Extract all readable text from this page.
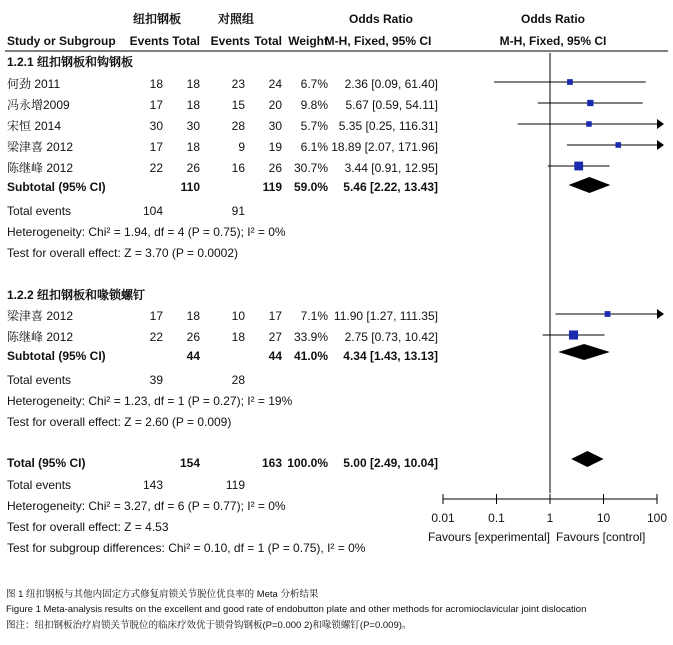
纽扣钢板	对照组	Odds Ratio	Odds Ratio
Study or Subgroup Events Total Events Total Weight
M-H, Fixed, 95% CI	M-H, Fixed, 95% CI
1.2.1 纽扣钢板和钩钢板
何劲 2011	18 18	23 24 6.7% 2.36 [0.09, 61.40]
冯永增2009	17 18	15 20 9.8% 5.67 [0.59, 54.11]
宋恒 2014	30 30	28 30 5.7% 5.35 [0.25, 116.31]
梁津喜 2012	17 18	9 19 6.1% 18.89 [2.07, 171.96]
陈继峰 2012	22 26	16 26 30.7% 3.44 [0.91, 12.95]
Subtotal (95% CI)	110	119 59.0% 5.46 [2.22, 13.43]
Total events	104	91
Heterogeneity: Chi² = 1.94, df = 4 (P = 0.75); I² = 0%
Test for overall effect: Z = 3.70 (P = 0.0002)
1.2.2 纽扣钢板和喙锁螺钉
梁津喜 2012	17 18	10 17 7.1% 11.90 [1.27, 111.35]
陈继峰 2012	22 26	18 27 33.9% 2.75 [0.73, 10.42]
Subtotal (95% CI)	44	44 41.0% 4.34 [1.43, 13.13]
Total events	39	28
Heterogeneity: Chi² = 1.23, df = 1 (P = 0.27); I² = 19%
Test for overall effect: Z = 2.60 (P = 0.009)
Total (95% CI)	154	163 100.0% 5.00 [2.49, 10.04]
Total events	143	119
Heterogeneity: Chi² = 3.27, df = 6 (P = 0.77); I² = 0%
Test for overall effect: Z = 4.53
Test for subgroup differences: Chi² = 0.10, df = 1 (P = 0.75), I² = 0%
Favours [experimental] Favours [control]
0.01	0.1	1	10	100
图 1 纽扣钢板与其他内固定方式修复肩锁关节脱位优良率的 Meta 分析结果
Figure 1 Meta-analysis results on the excellent and good rate of endobutton plate and other methods for acromioclavicular joint dislocation
图注：纽扣钢板治疗肩锁关节脱位的临床疗效优于锁骨钩钢板(P=0.000 2)和喙锁螺钉(P=0.009)。
